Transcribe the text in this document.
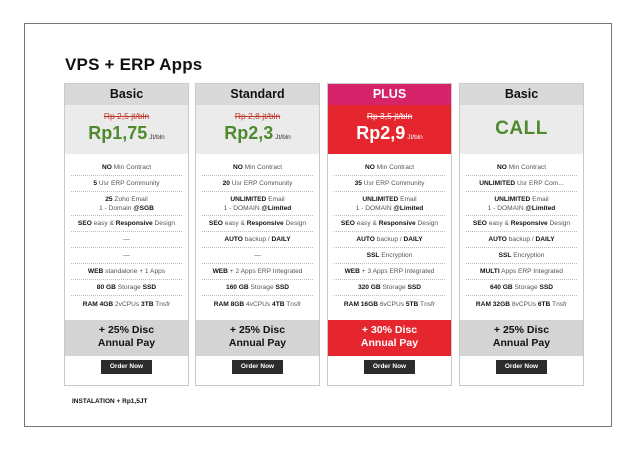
VPS + ERP Apps
Basic
Rp 2,5 jt/bln
Rp1,75 Jt/bln
NO Min Contract
5 Usr ERP Community
25 Zoho Email
1 - Domain @SGB
SEO easy & Responsive Design
—
—
WEB standalone + 1 Apps
80 GB Storage SSD
RAM 4GB 2vCPUs 3TB Tnsfr
+ 25% Disc
Annual Pay
Order Now
Standard
Rp 2,8 jt/bln
Rp2,3 Jt/bln
NO Min Contract
20 Usr ERP Community
UNLIMITED Email
1 - DOMAIN @Limited
SEO easy & Responsive Design
AUTO backup / DAILY
—
WEB + 2 Apps ERP Integrated
160 GB Storage SSD
RAM 8GB 4vCPUs 4TB Tnsfr
+ 25% Disc
Annual Pay
Order Now
PLUS
Rp 3,5 jt/bln
Rp2,9 Jt/bln
NO Min Contract
35 Usr ERP Community
UNLIMITED Email
1 - DOMAIN @Limited
SEO easy & Responsive Design
AUTO backup / DAILY
SSL Encryption
WEB + 3 Apps ERP Integrated
320 GB Storage SSD
RAM 16GB 6vCPUs 5TB Tnsfr
+ 30% Disc
Annual Pay
Order Now
Basic
CALL
NO Min Contract
UNLIMITED Usr ERP Com...
UNLIMITED Email
1 - DOMAIN @Limited
SEO easy & Responsive Design
AUTO backup / DAILY
SSL Encryption
MULTI Apps ERP Integrated
640 GB Storage SSD
RAM 32GB 8vCPUs 6TB Tnsfr
+ 25% Disc
Annual Pay
Order Now
INSTALATION + Rp1,5JT
